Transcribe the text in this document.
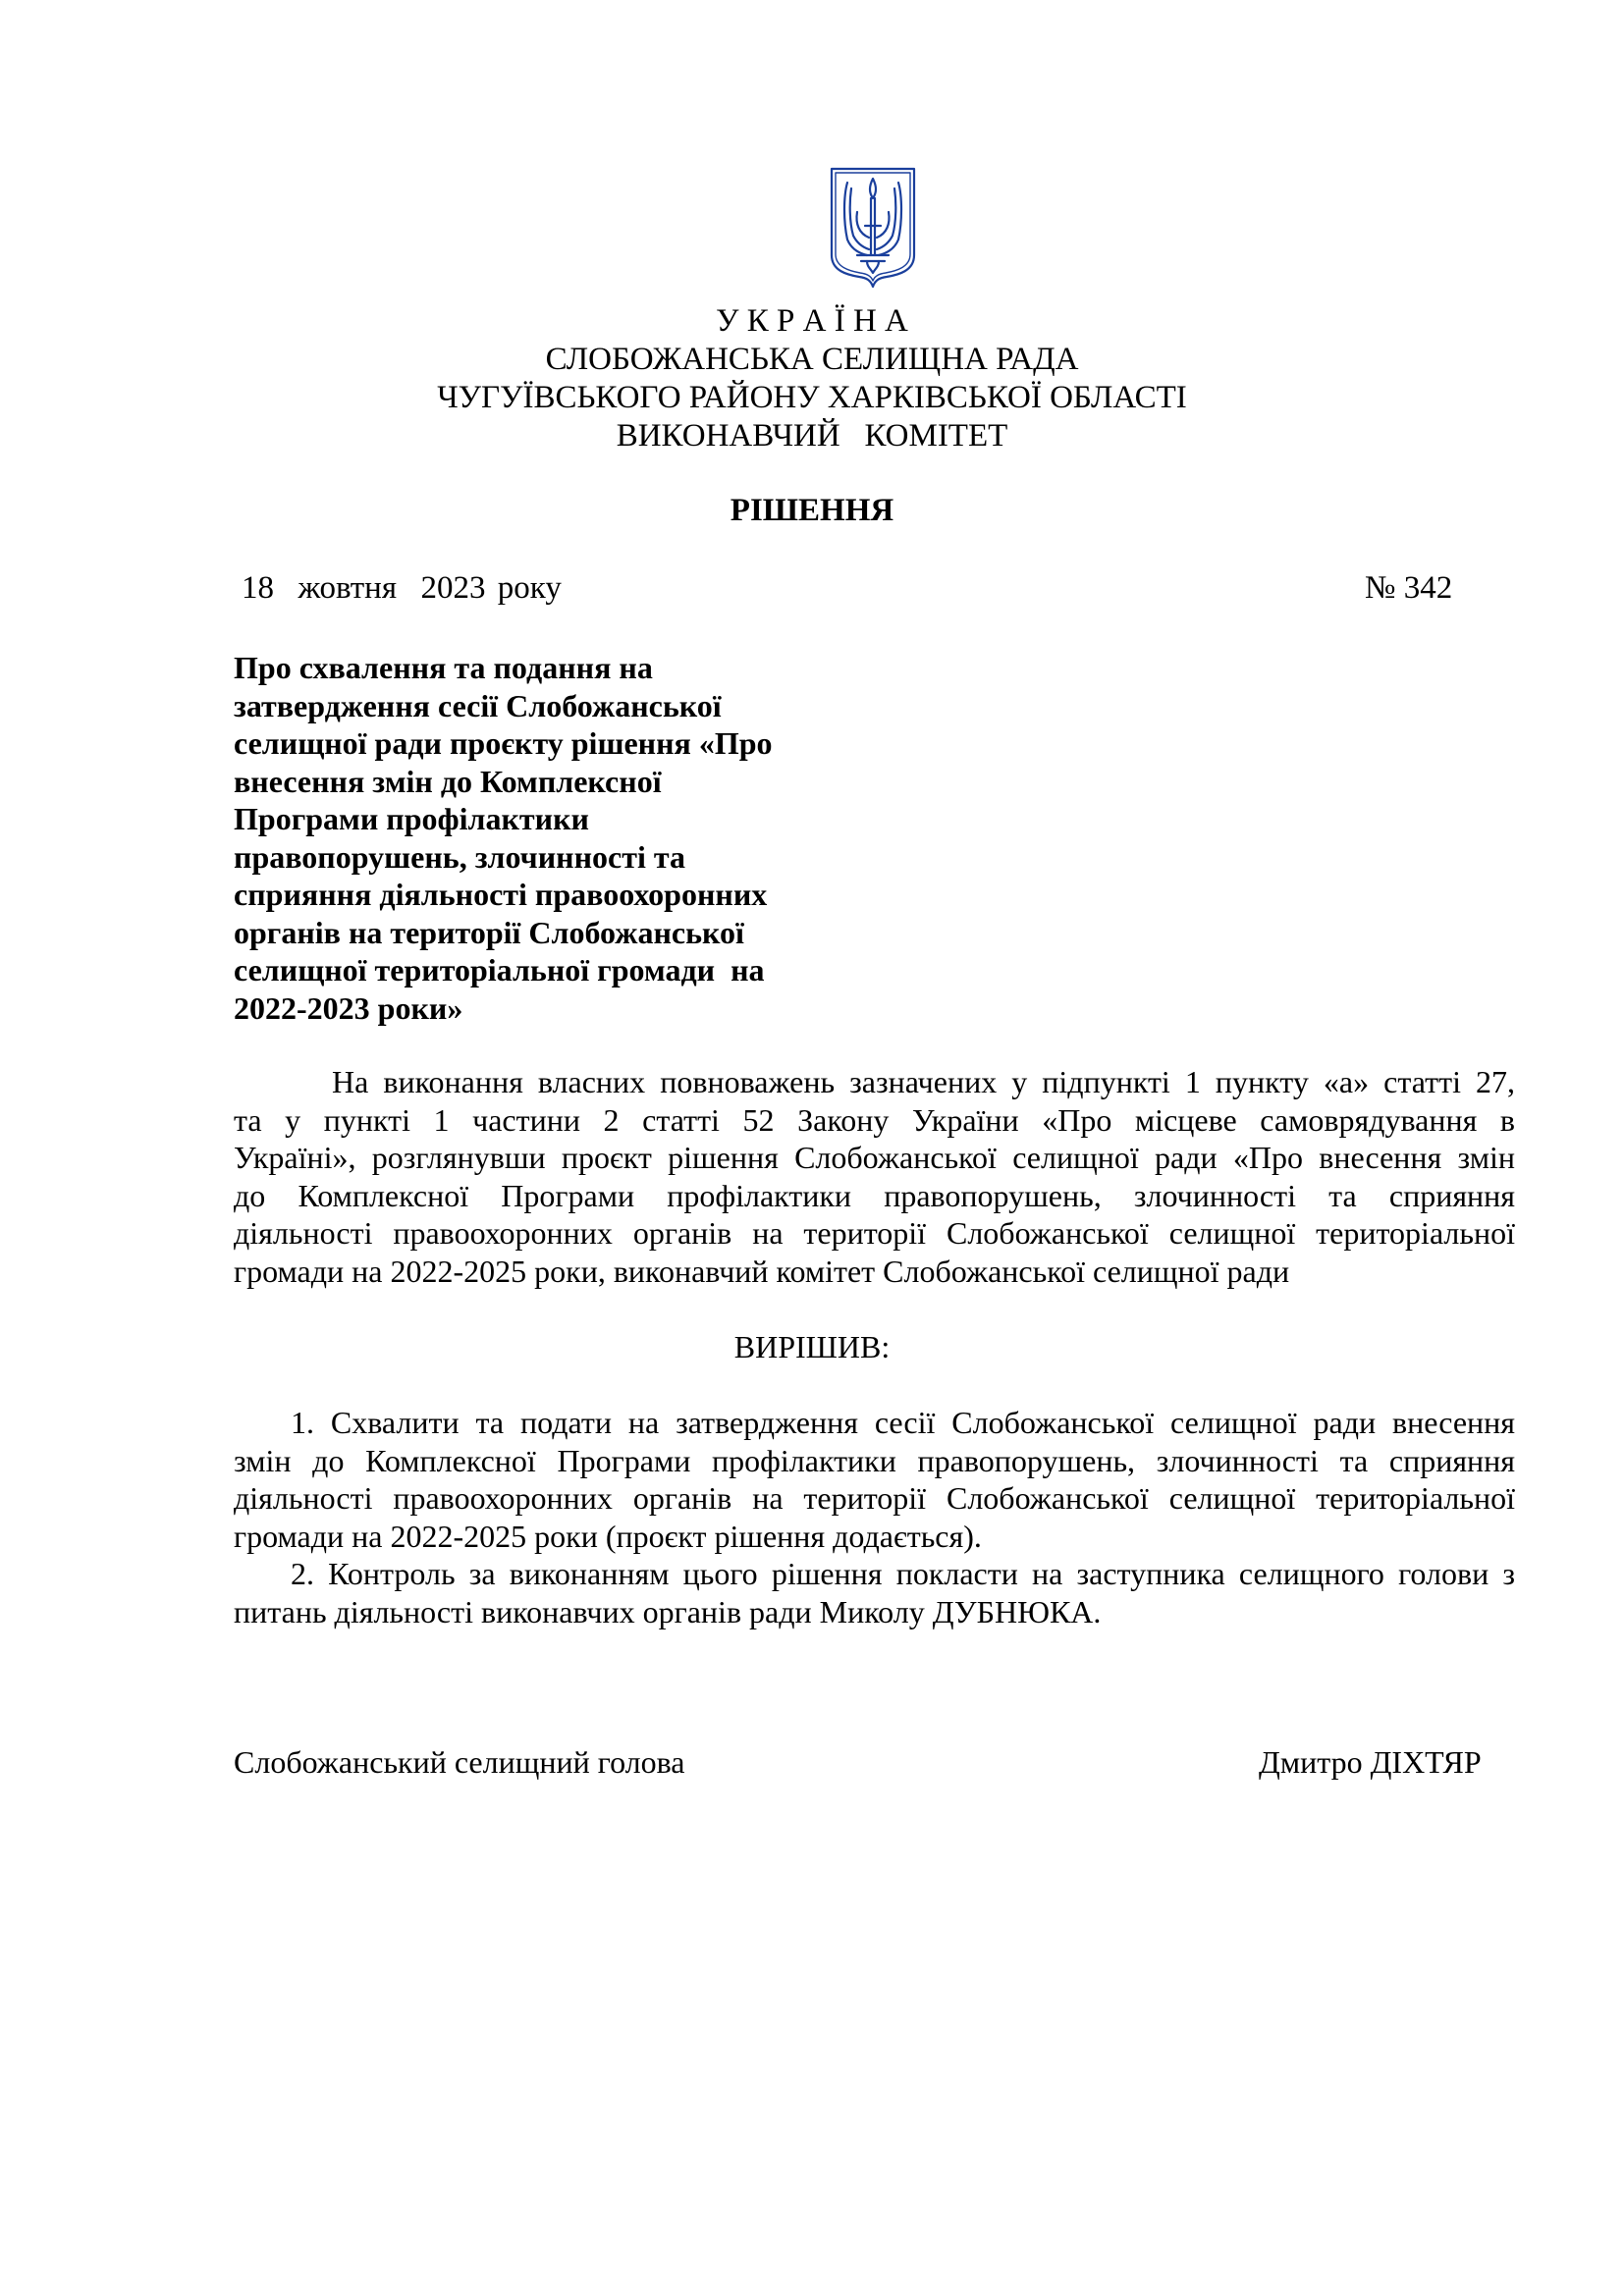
У К Р А Ї Н А
СЛОБОЖАНСЬКА СЕЛИЩНА РАДА
ЧУГУЇВСЬКОГО РАЙОНУ ХАРКІВСЬКОЇ ОБЛАСТІ
ВИКОНАВЧИЙ   КОМІТЕТ
РІШЕННЯ
18  жовтня  2023 року	№ 342
Про схвалення та подання на
затвердження сесії Слобожанської
селищної ради проєкту рішення «Про
внесення змін до Комплексної
Програми профілактики
правопорушень, злочинності та
сприяння діяльності правоохоронних
органів на території Слобожанської
селищної територіальної громади  на
2022-2023 роки»
На виконання власних повноважень зазначених у підпункті 1 пункту «а» статті 27,
та у пункті 1 частини 2 статті 52 Закону України «Про місцеве самоврядування в
Україні», розглянувши проєкт рішення Слобожанської селищної ради «Про внесення змін
до Комплексної Програми профілактики правопорушень, злочинності та сприяння
діяльності правоохоронних органів на території Слобожанської селищної територіальної
громади на 2022-2025 роки, виконавчий комітет Слобожанської селищної ради
ВИРІШИВ:
1. Схвалити та подати на затвердження сесії Слобожанської селищної ради внесення
змін до Комплексної Програми профілактики правопорушень, злочинності та сприяння
діяльності правоохоронних органів на території Слобожанської селищної територіальної
громади на 2022-2025 роки (проєкт рішення додається).
2. Контроль за виконанням цього рішення покласти на заступника селищного голови з
питань діяльності виконавчих органів ради Миколу ДУБНЮКА.
Слобожанський селищний голова	Дмитро ДІХТЯР
